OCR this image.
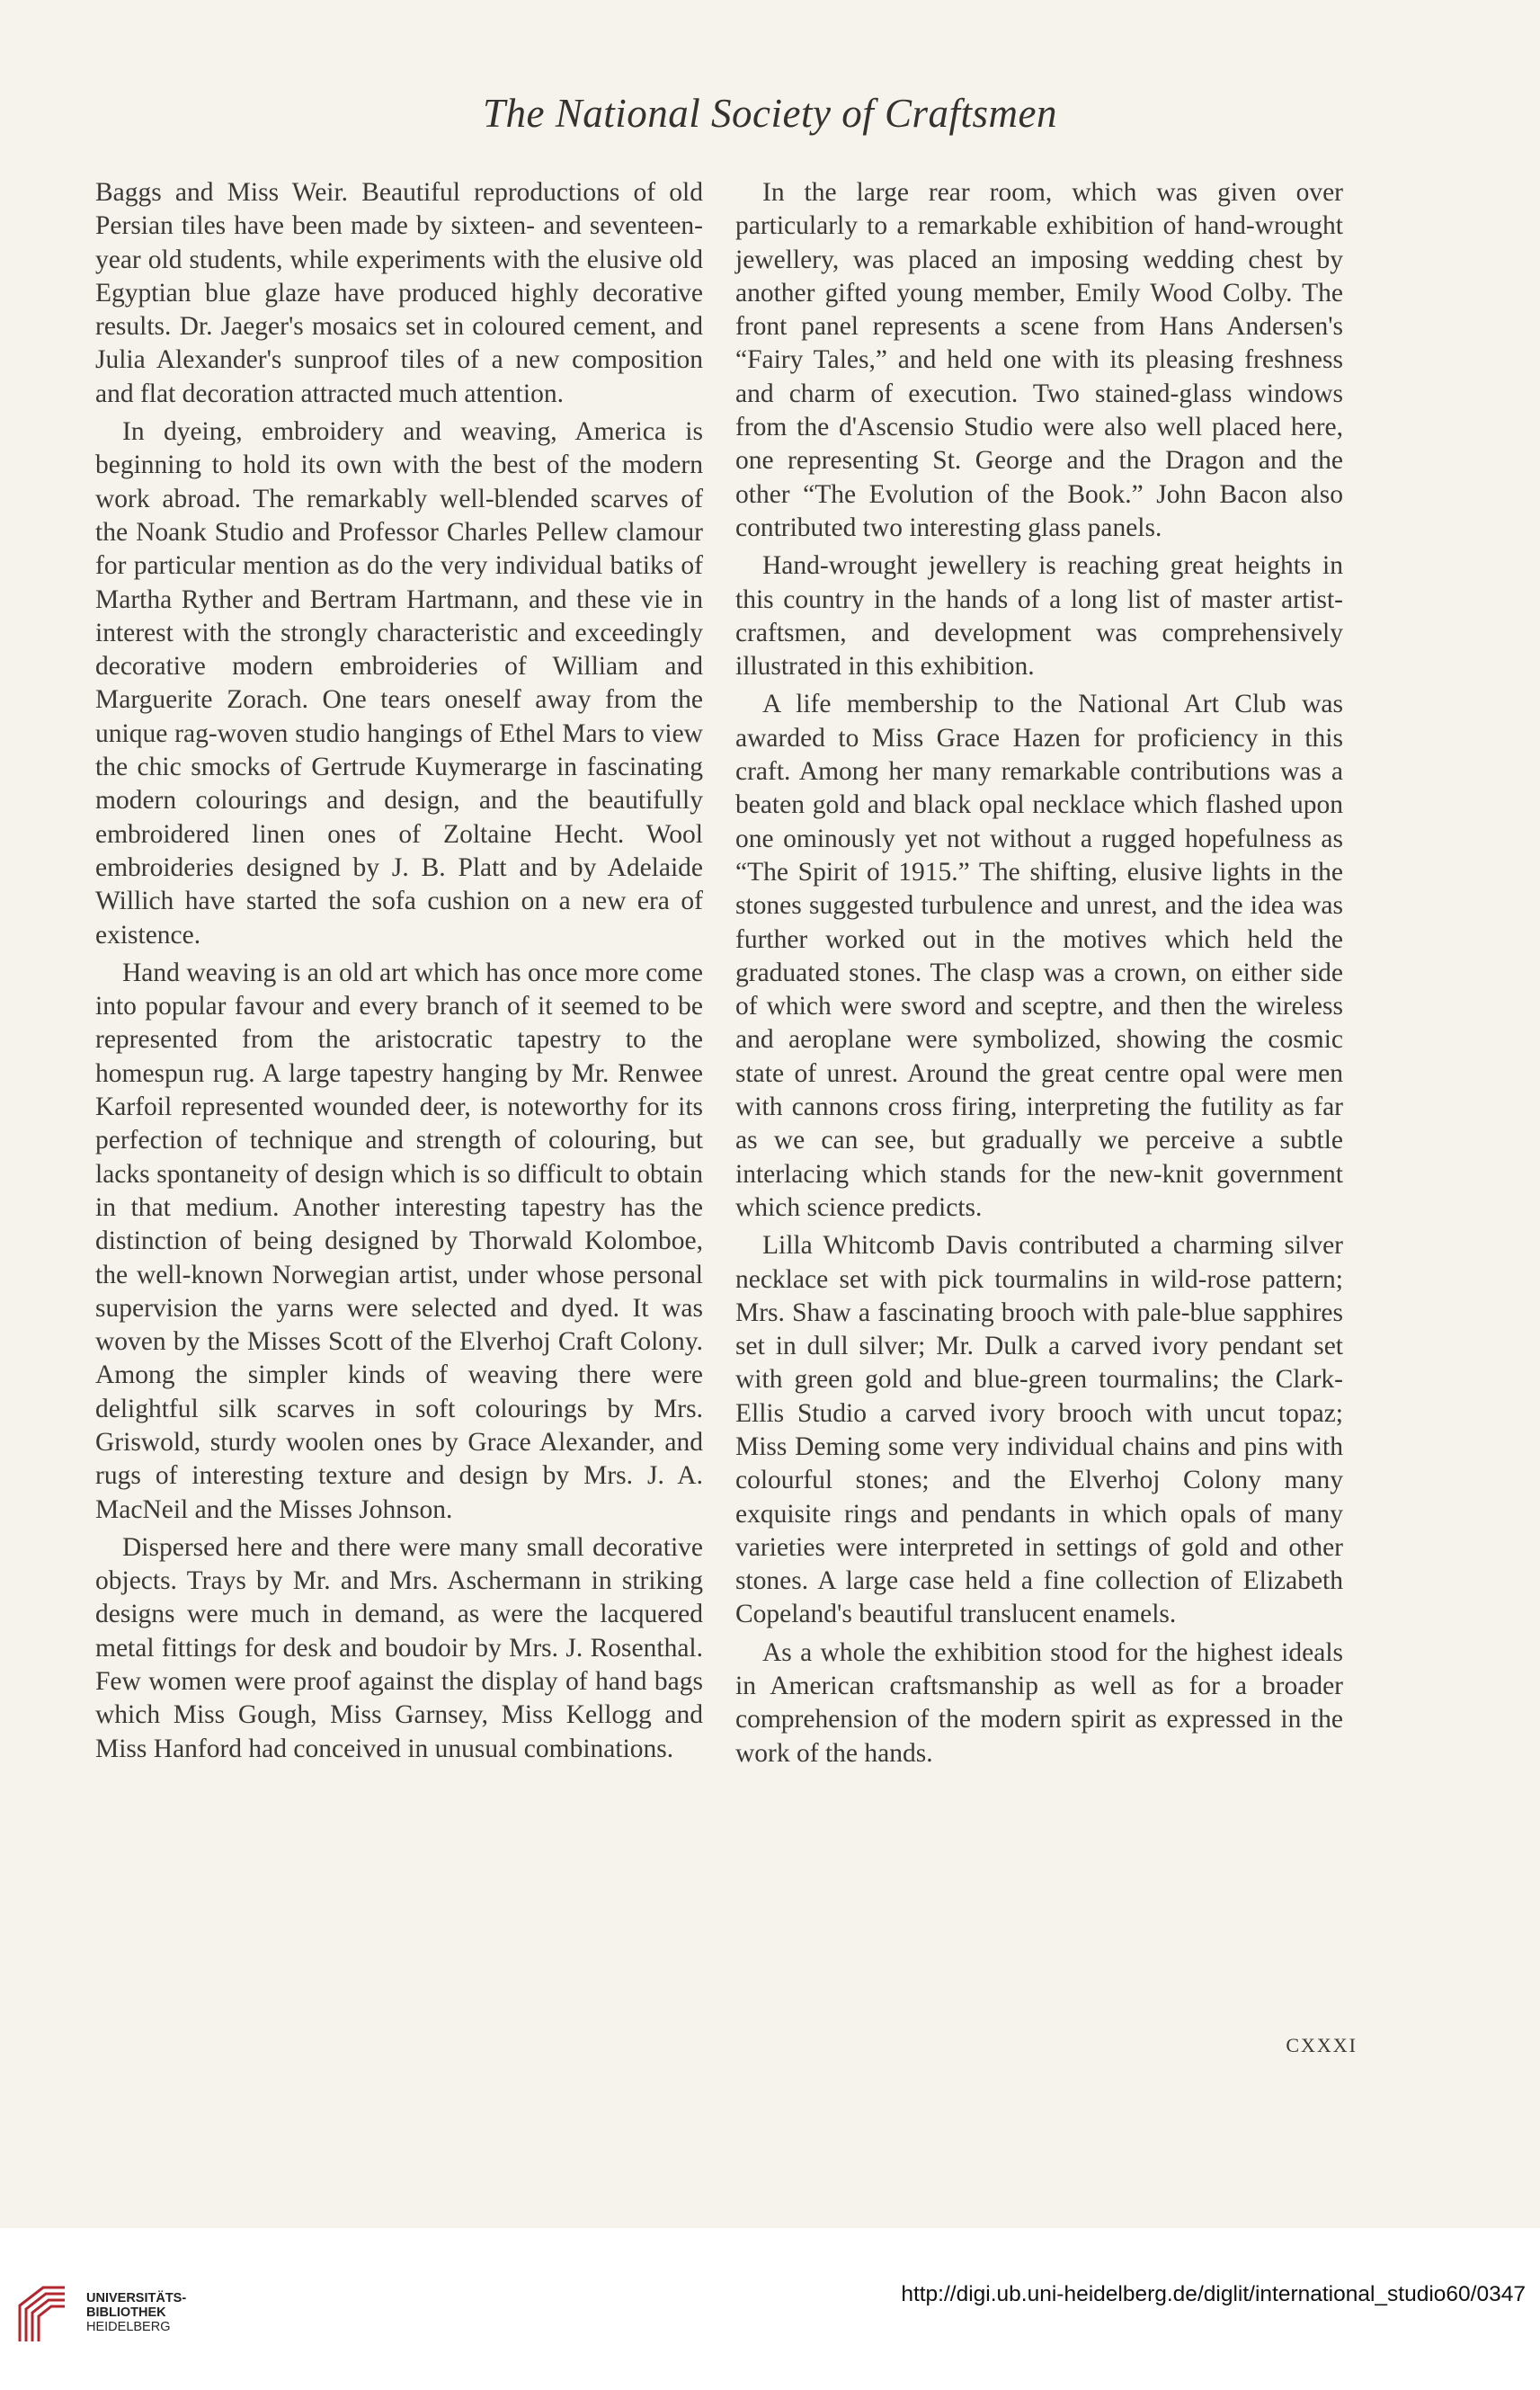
The National Society of Craftsmen

Baggs and Miss Weir. Beautiful reproductions of old Persian tiles have been made by sixteen- and seventeen-year old students, while experiments with the elusive old Egyptian blue glaze have produced highly decorative results. Dr. Jaeger's mosaics set in coloured cement, and Julia Alexander's sunproof tiles of a new composition and flat decoration attracted much attention.

In dyeing, embroidery and weaving, America is beginning to hold its own with the best of the modern work abroad. The remarkably well-blended scarves of the Noank Studio and Professor Charles Pellew clamour for particular mention as do the very individual batiks of Martha Ryther and Bertram Hartmann, and these vie in interest with the strongly characteristic and exceedingly decorative modern embroideries of William and Marguerite Zorach. One tears oneself away from the unique rag-woven studio hangings of Ethel Mars to view the chic smocks of Gertrude Kuymerarge in fascinating modern colourings and design, and the beautifully embroidered linen ones of Zoltaine Hecht. Wool embroideries designed by J. B. Platt and by Adelaide Willich have started the sofa cushion on a new era of existence.

Hand weaving is an old art which has once more come into popular favour and every branch of it seemed to be represented from the aristocratic tapestry to the homespun rug. A large tapestry hanging by Mr. Renwee Karfoil represented wounded deer, is noteworthy for its perfection of technique and strength of colouring, but lacks spontaneity of design which is so difficult to obtain in that medium. Another interesting tapestry has the distinction of being designed by Thorwald Kolomboe, the well-known Norwegian artist, under whose personal supervision the yarns were selected and dyed. It was woven by the Misses Scott of the Elverhoj Craft Colony. Among the simpler kinds of weaving there were delightful silk scarves in soft colourings by Mrs. Griswold, sturdy woolen ones by Grace Alexander, and rugs of interesting texture and design by Mrs. J. A. MacNeil and the Misses Johnson.

Dispersed here and there were many small decorative objects. Trays by Mr. and Mrs. Aschermann in striking designs were much in demand, as were the lacquered metal fittings for desk and boudoir by Mrs. J. Rosenthal. Few women were proof against the display of hand bags which Miss Gough, Miss Garnsey, Miss Kellogg and Miss Hanford had conceived in unusual combinations.

In the large rear room, which was given over particularly to a remarkable exhibition of hand-wrought jewellery, was placed an imposing wedding chest by another gifted young member, Emily Wood Colby. The front panel represents a scene from Hans Andersen's “Fairy Tales,” and held one with its pleasing freshness and charm of execution. Two stained-glass windows from the d'Ascensio Studio were also well placed here, one representing St. George and the Dragon and the other “The Evolution of the Book.” John Bacon also contributed two interesting glass panels.

Hand-wrought jewellery is reaching great heights in this country in the hands of a long list of master artist-craftsmen, and development was comprehensively illustrated in this exhibition.

A life membership to the National Art Club was awarded to Miss Grace Hazen for proficiency in this craft. Among her many remarkable contributions was a beaten gold and black opal necklace which flashed upon one ominously yet not without a rugged hopefulness as “The Spirit of 1915.” The shifting, elusive lights in the stones suggested turbulence and unrest, and the idea was further worked out in the motives which held the graduated stones. The clasp was a crown, on either side of which were sword and sceptre, and then the wireless and aeroplane were symbolized, showing the cosmic state of unrest. Around the great centre opal were men with cannons cross firing, interpreting the futility as far as we can see, but gradually we perceive a subtle interlacing which stands for the new-knit government which science predicts.

Lilla Whitcomb Davis contributed a charming silver necklace set with pick tourmalins in wild-rose pattern; Mrs. Shaw a fascinating brooch with pale-blue sapphires set in dull silver; Mr. Dulk a carved ivory pendant set with green gold and blue-green tourmalins; the Clark-Ellis Studio a carved ivory brooch with uncut topaz; Miss Deming some very individual chains and pins with colourful stones; and the Elverhoj Colony many exquisite rings and pendants in which opals of many varieties were interpreted in settings of gold and other stones. A large case held a fine collection of Elizabeth Copeland's beautiful translucent enamels.

As a whole the exhibition stood for the highest ideals in American craftsmanship as well as for a broader comprehension of the modern spirit as expressed in the work of the hands.

CXXXI
UNIVERSITÄTS-
BIBLIOTHEK
HEIDELBERG
http://digi.ub.uni-heidelberg.de/diglit/international_studio60/0347
